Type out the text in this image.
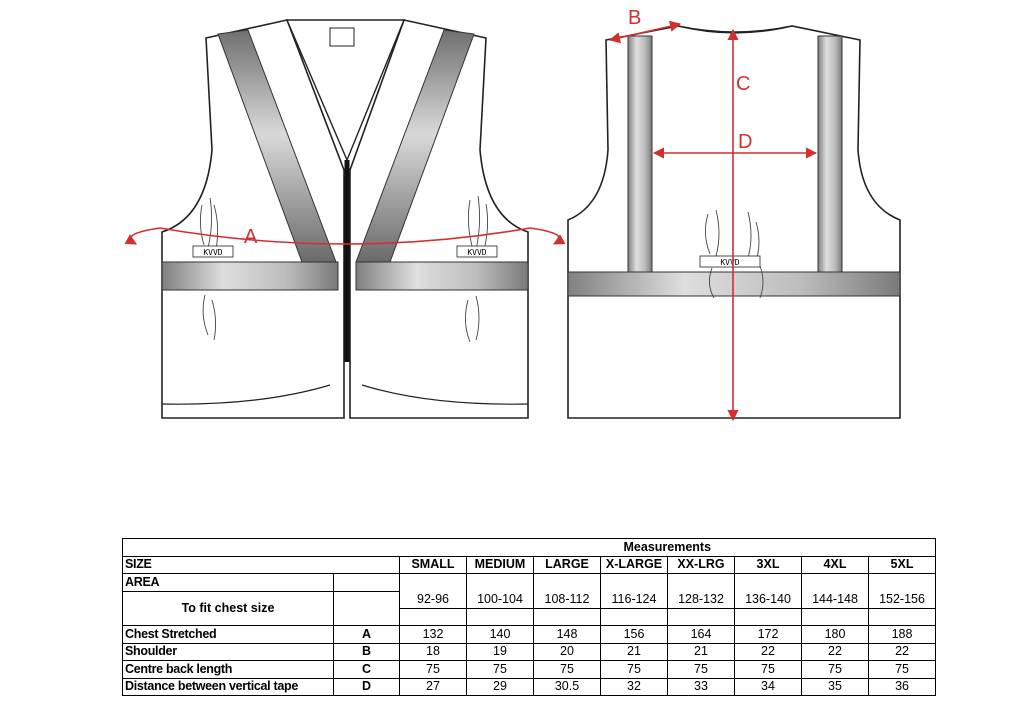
KVVD	KVVD
A
KVVD
B
C
D
		Measurements							
SIZE		SMALL	MEDIUM	LARGE	X-LARGE	XX-LRG	3XL	4XL	5XL
AREA									
To fit chest size		92-96	100-104	108-112	116-124	128-132	136-140	144-148	152-156

Chest Stretched	A	132	140	148	156	164	172	180	188
Shoulder	B	18	19	20	21	21	22	22	22
Centre back length	C	75	75	75	75	75	75	75	75
Distance between vertical tape	D	27	29	30.5	32	33	34	35	36
